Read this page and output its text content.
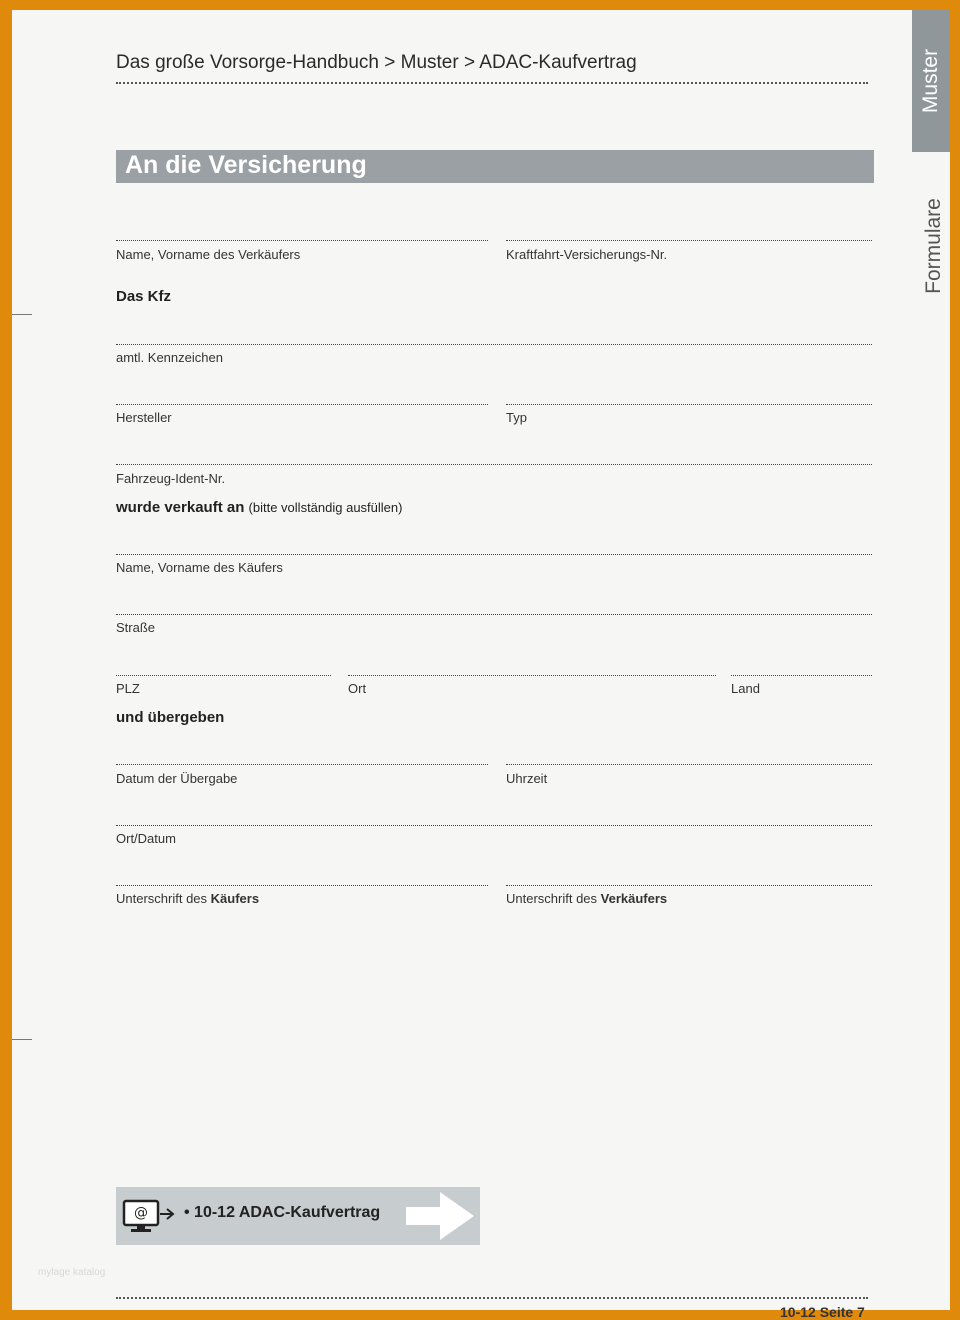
Das große Vorsorge-Handbuch > Muster > ADAC-Kaufvertrag	Muster
Formulare
An die Versicherung
Name, Vorname des Verkäufers	Kraftfahrt-Versicherungs-Nr.
Das Kfz
amtl. Kennzeichen
Hersteller	Typ
Fahrzeug-Ident-Nr.
wurde verkauft an (bitte vollständig ausfüllen)
Name, Vorname des Käufers
Straße
PLZ	Ort	Land
und übergeben
Datum der Übergabe	Uhrzeit
Ort/Datum
Unterschrift des Käufers	Unterschrift des Verkäufers
@ • 10-12 ADAC-Kaufvertrag
mylage katalog
10-12 Seite 7
